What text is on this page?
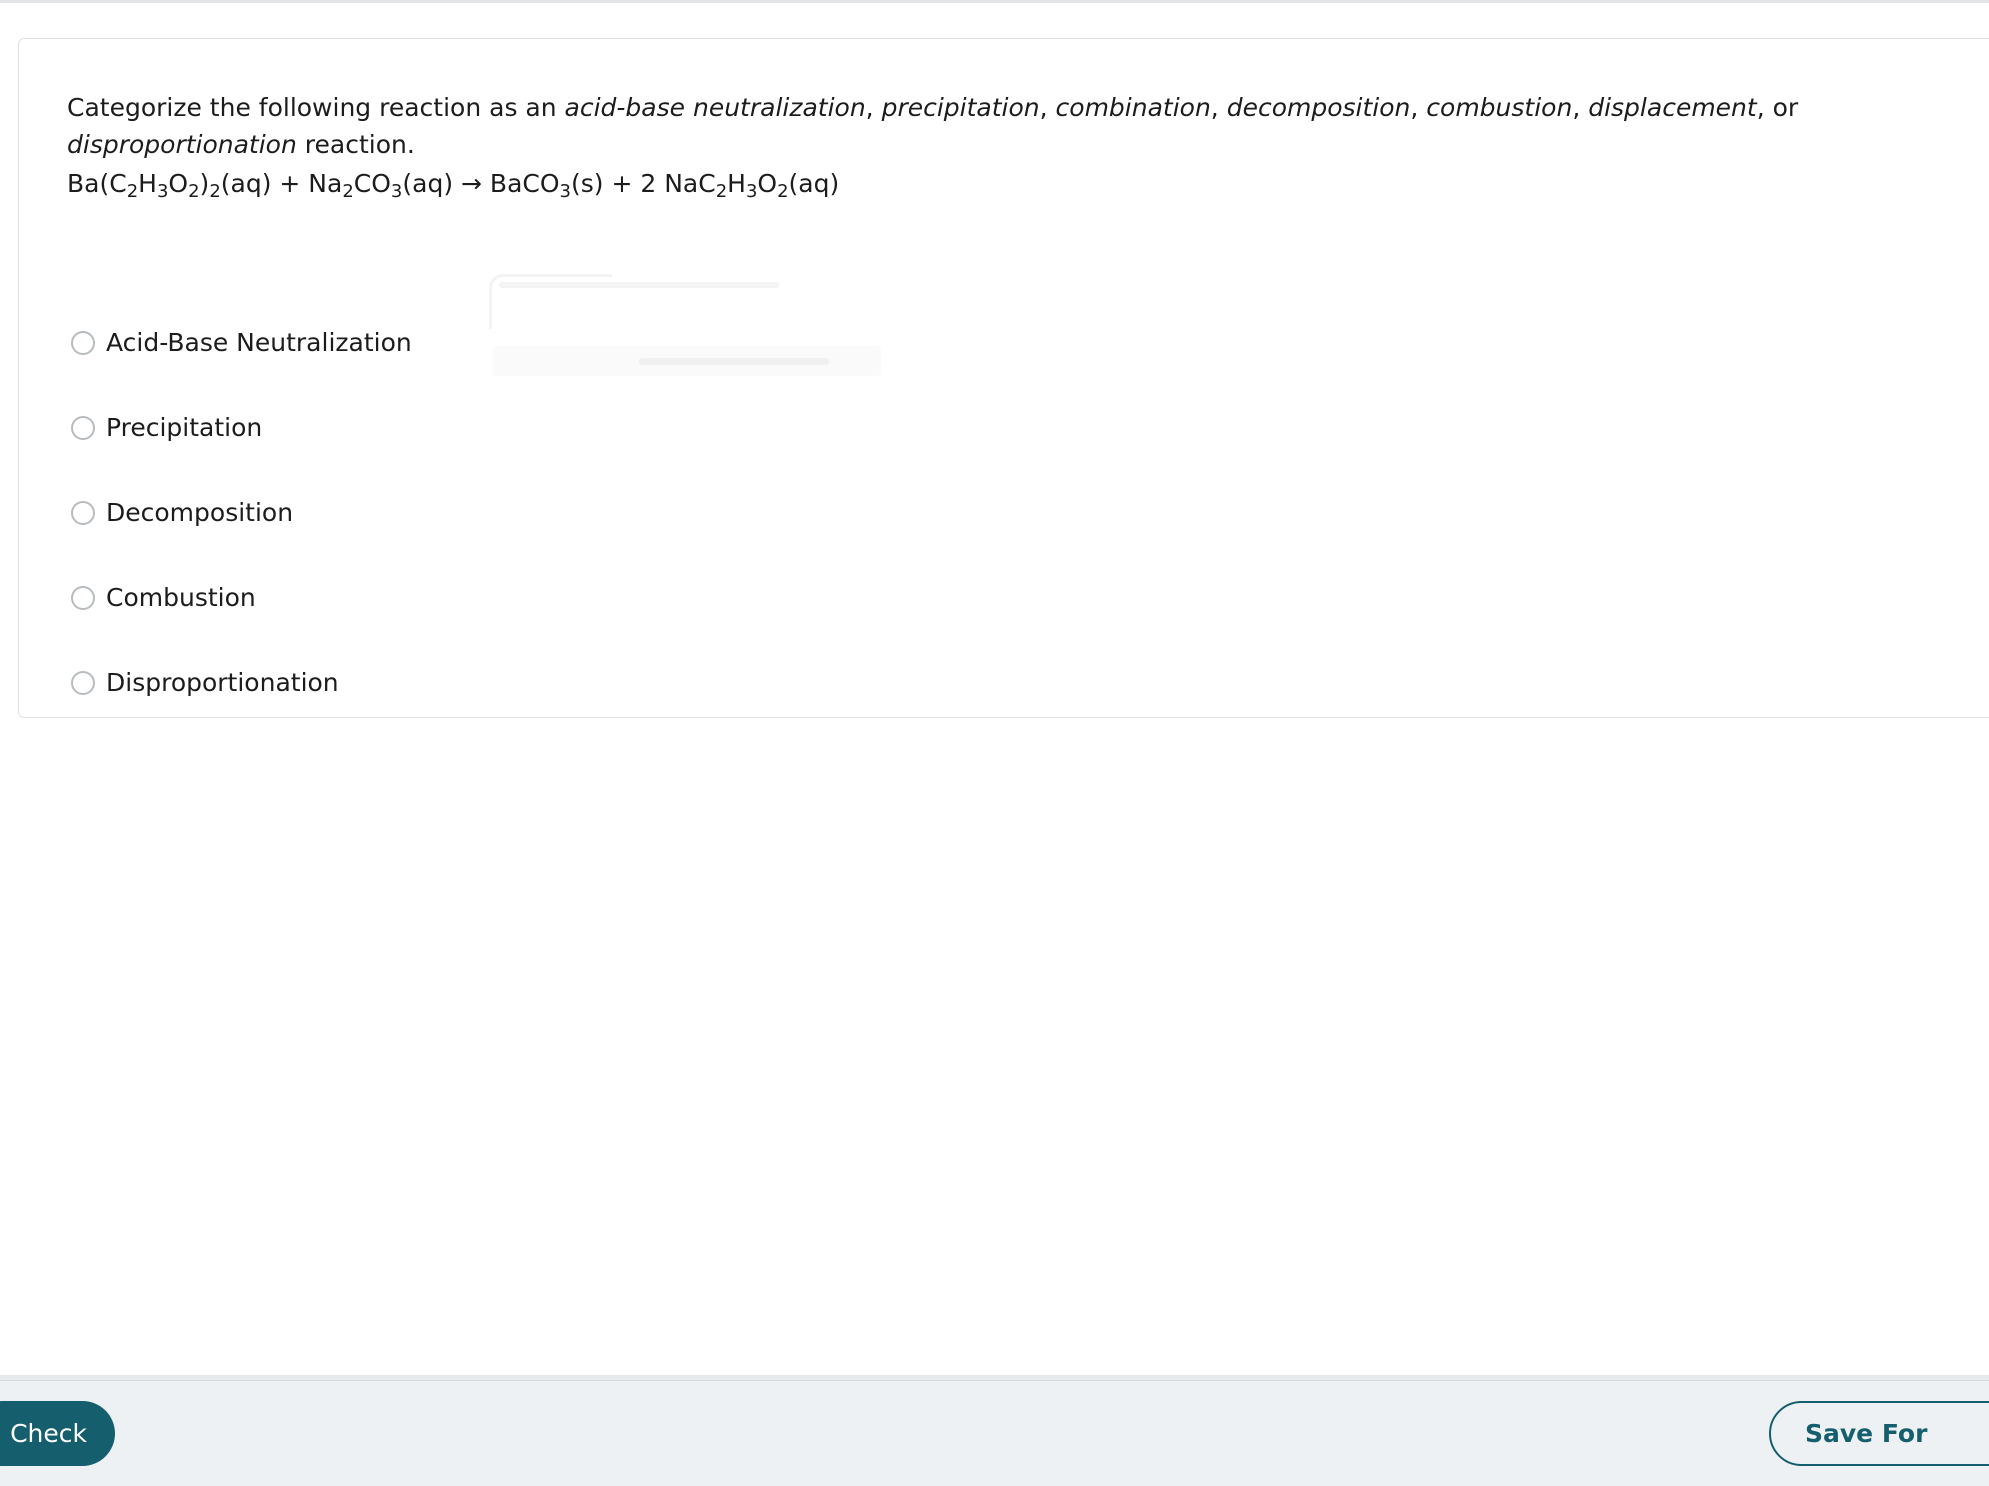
Categorize the following reaction as an acid-base neutralization, precipitation, combination, decomposition, combustion, displacement, or
disproportionation reaction.
$Ba(C_2H_3O_2)_2(aq) + Na_2CO_3(aq)$ → BaCO$_3$(s) + 2 $NaC_2H_3O_2(aq)$
Acid-Base Neutralization
Precipitation
Decomposition
Combustion
Disproportionation
Check	Save For
